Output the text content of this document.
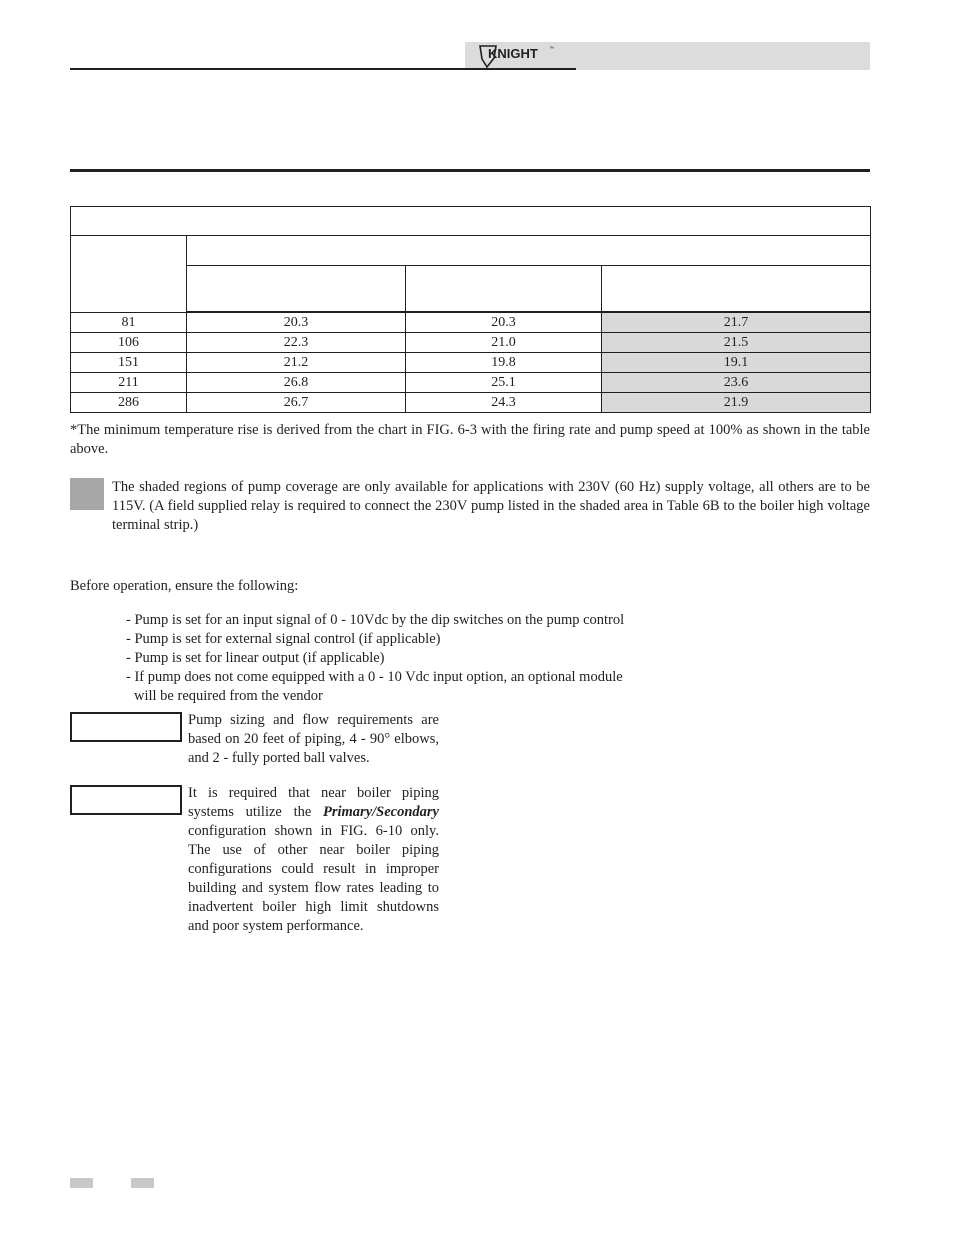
KNIGHT ™

81	20.3	20.3	21.7
106	22.3	21.0	21.5
151	21.2	19.8	19.1
211	26.8	25.1	23.6
286	26.7	24.3	21.9
*The minimum temperature rise is derived from the chart in FIG. 6-3 with the firing rate and pump speed at 100% as shown in the table above.
The shaded regions of pump coverage are only available for applications with 230V (60 Hz) supply voltage, all others are to be 115V. (A field supplied relay is required to connect the 230V pump listed in the shaded area in Table 6B to the boiler high voltage terminal strip.)
Before operation, ensure the following:
- Pump is set for an input signal of 0 - 10Vdc by the dip switches on the pump control
- Pump is set for external signal control (if applicable)
- Pump is set for linear output (if applicable)
- If pump does not come equipped with a 0 - 10 Vdc input option, an optional module
will be required from the vendor
Pump sizing and flow requirements are based on 20 feet of piping, 4 - 90° elbows, and 2 - fully ported ball valves.
It is required that near boiler piping systems utilize the Primary/Secondary configuration shown in FIG. 6-10 only. The use of other near boiler piping configurations could result in improper building and system flow rates leading to inadvertent boiler high limit shutdowns and poor system performance.
